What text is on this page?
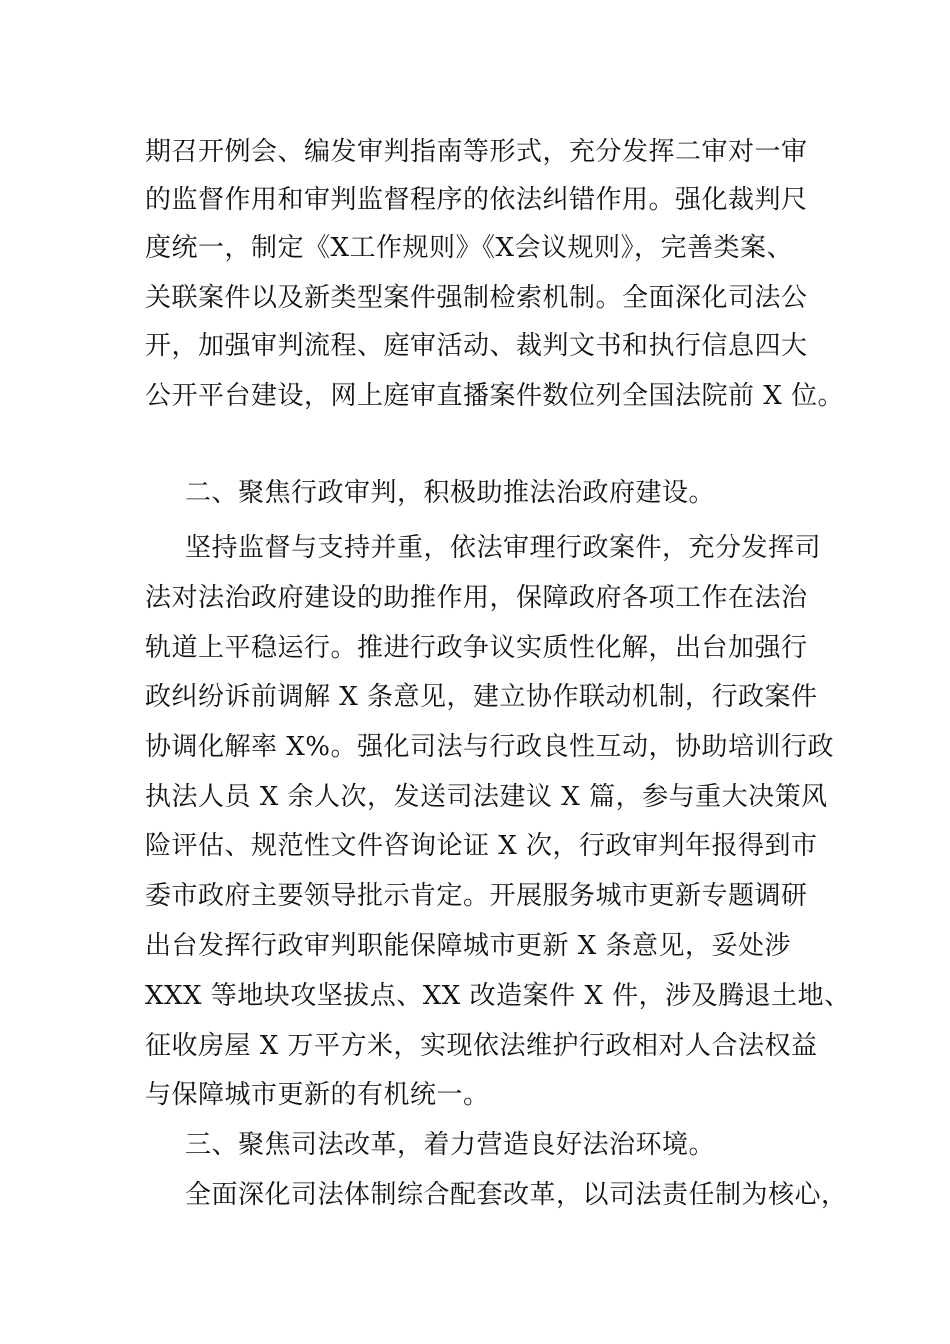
期召开例会、编发审判指南等形式，充分发挥二审对一审
的监督作用和审判监督程序的依法纠错作用。强化裁判尺
度统一，制定《X工作规则》《X会议规则》，完善类案、
关联案件以及新类型案件强制检索机制。全面深化司法公
开，加强审判流程、庭审活动、裁判文书和执行信息四大
公开平台建设，网上庭审直播案件数位列全国法院前 X 位。
二、聚焦行政审判，积极助推法治政府建设。
坚持监督与支持并重，依法审理行政案件，充分发挥司
法对法治政府建设的助推作用，保障政府各项工作在法治
轨道上平稳运行。推进行政争议实质性化解，出台加强行
政纠纷诉前调解 X 条意见，建立协作联动机制，行政案件
协调化解率 X%。强化司法与行政良性互动，协助培训行政
执法人员 X 余人次，发送司法建议 X 篇，参与重大决策风
险评估、规范性文件咨询论证 X 次，行政审判年报得到市
委市政府主要领导批示肯定。开展服务城市更新专题调研
出台发挥行政审判职能保障城市更新 X 条意见，妥处涉
XXX 等地块攻坚拔点、XX 改造案件 X 件，涉及腾退土地、
征收房屋 X 万平方米，实现依法维护行政相对人合法权益
与保障城市更新的有机统一。
三、聚焦司法改革，着力营造良好法治环境。
全面深化司法体制综合配套改革，以司法责任制为核心，
